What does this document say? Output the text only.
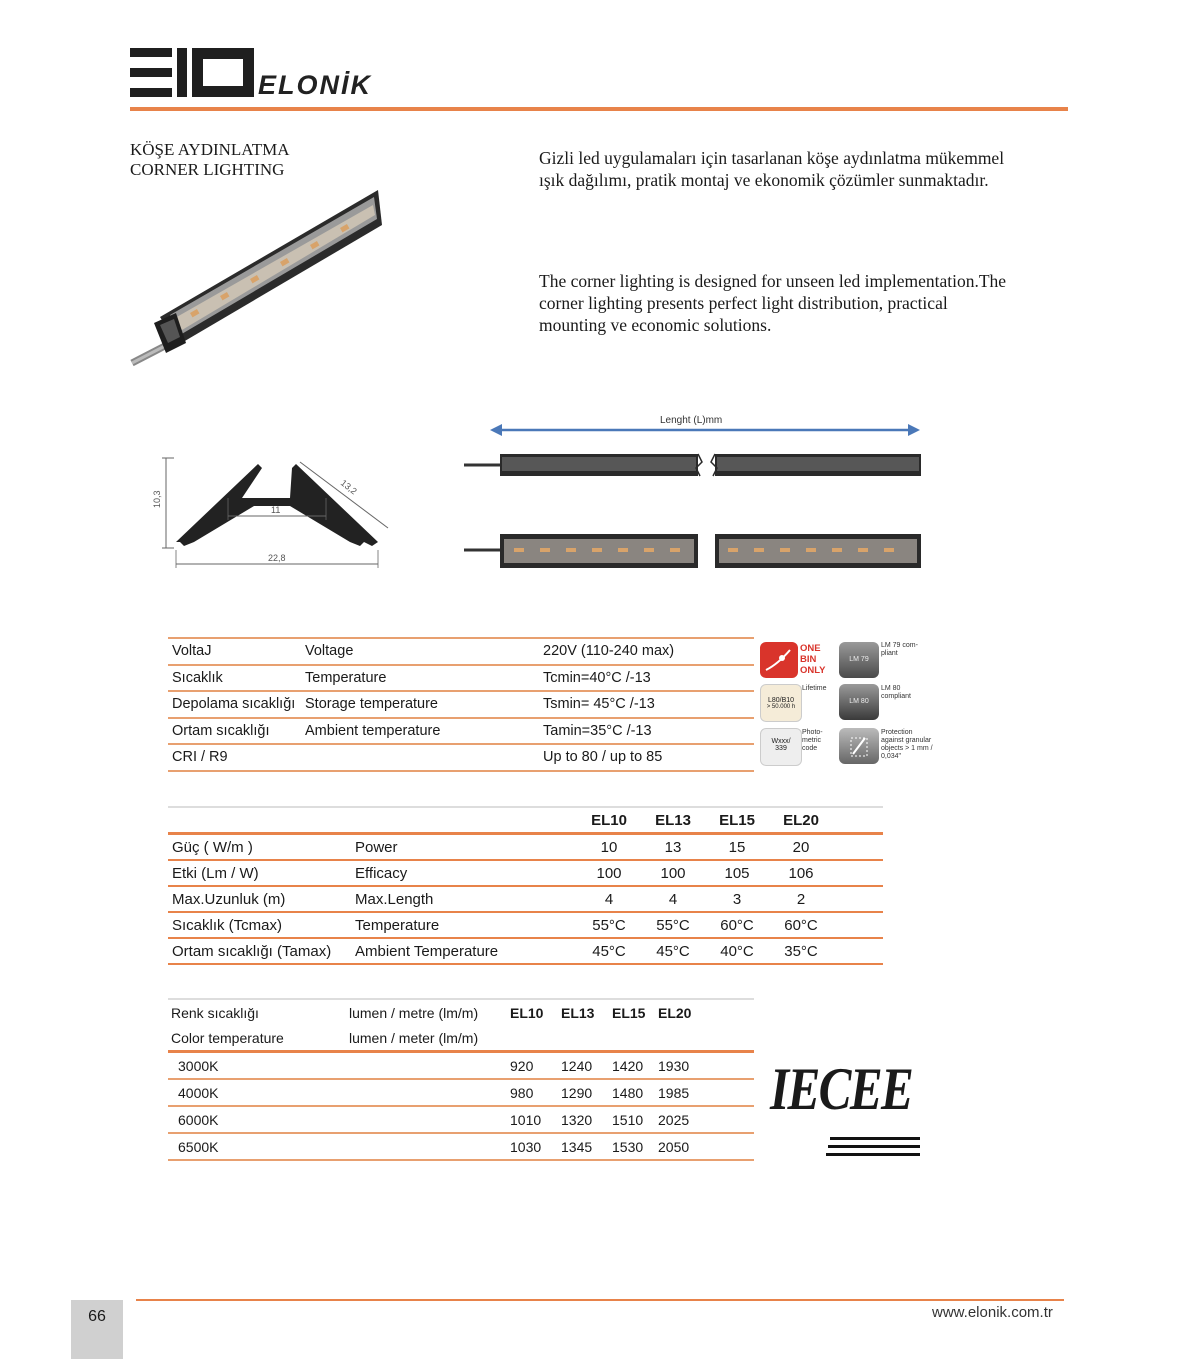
ELONİK
KÖŞE AYDINLATMA
CORNER LIGHTING
Gizli led uygulamaları için tasarlanan köşe aydınlatma mükemmel ışık dağılımı, pratik montaj ve ekonomik çözümler sunmaktadır.
The corner lighting is designed for unseen led implementation.The corner lighting presents perfect light distribution, practical mounting ve economic solutions.
10,3
11
13,2
22,8
Lenght (L)mm
VoltaJ	Voltage	220V (110-240 max)
Sıcaklık	Temperature	Tcmin=40°C /-13
Depolama sıcaklığı	Storage temperature	Tsmin= 45°C /-13
Ortam sıcaklığı	Ambient temperature	Tamin=35°C /-13
CRI / R9		Up to 80 / up to 85
ONE BIN ONLY
LM 79
LM 79 com-pliant
L80/B10
> 50.000 h
Lifetime
LM 80
LM 80 compliant
Wxxx/ 339
Photo-metric code
Protection against granular objects > 1 mm / 0,034"
		EL10	EL13	EL15	EL20	
Güç ( W/m )	Power	10	13	15	20	
Etki (Lm / W)	Efficacy	100	100	105	106	
Max.Uzunluk (m)	Max.Length	4	4	3	2	
Sıcaklık (Tcmax)	Temperature	55°C	55°C	60°C	60°C	
Ortam sıcaklığı (Tamax)	Ambient Temperature	45°C	45°C	40°C	35°C	
Renk sıcaklığı	lumen / metre (lm/m)	EL10	EL13	EL15	EL20	
Color temperature	lumen / meter (lm/m)					
3000K		920	1240	1420	1930	
4000K		980	1290	1480	1985	
6000K		1010	1320	1510	2025	
6500K		1030	1345	1530	2050	
IECEE
66	www.elonik.com.tr
